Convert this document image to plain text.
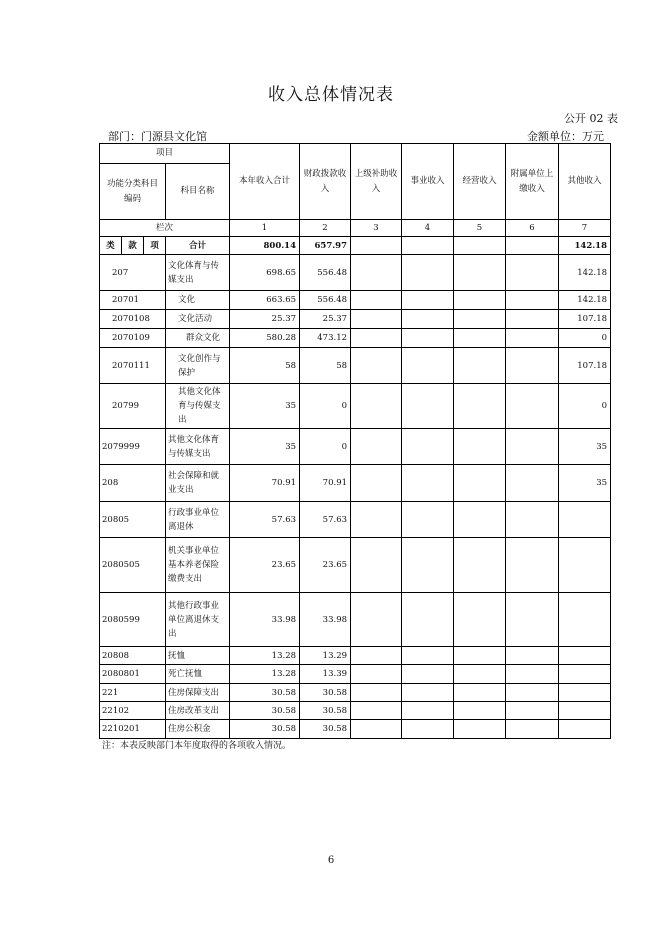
收入总体情况表
公开 02 表
部门：门源县文化馆	金额单位：万元
项目				本年收入合计	财政拨款收入	上级补助收入	事业收入	经营收入	附属单位上缴收入	其他收入
功能分类科目编码			科目名称							
栏次				1	2	3	4	5	6	7
类	款	项	合计	800.14	657.97					142.18
207			文化体育与传媒支出	698.65	556.48					142.18
20701			文化	663.65	556.48					142.18
2070108			文化活动	25.37	25.37					107.18
2070109			群众文化	580.28	473.12					0
2070111			文化创作与保护	58	58					107.18
20799			其他文化体育与传媒支出	35	0					0
2079999			其他文化体育与传媒支出	35	0					35
208			社会保障和就业支出	70.91	70.91					35
20805			行政事业单位离退休	57.63	57.63					
2080505			机关事业单位基本养老保险缴费支出	23.65	23.65					
2080599			其他行政事业单位离退休支出	33.98	33.98					
20808			抚恤	13.28	13.29					
2080801			死亡抚恤	13.28	13.39					
221			住房保障支出	30.58	30.58					
22102			住房改革支出	30.58	30.58					
2210201			住房公积金	30.58	30.58					
注：本表反映部门本年度取得的各项收入情况。
6
